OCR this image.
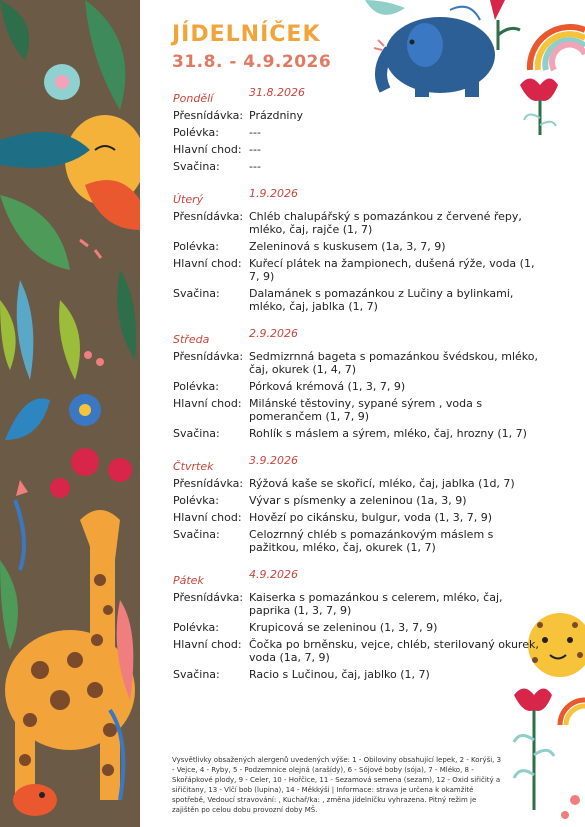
JÍDELNÍČEK
31.8. - 4.9.2026
Pondělí	31.8.2026
Přesnídávka: Prázdniny
Polévka:	---
Hlavní chod: ---
Svačina:	---
Úterý	1.9.2026
Přesnídávka: Chléb chalupářský s pomazánkou z červené řepy, mléko, čaj, rajče (1, 7)
Polévka:	Zeleninová s kuskusem (1a, 3, 7, 9)
Hlavní chod: Kuřecí plátek na žampionech, dušená rýže, voda (1, 7, 9)
Svačina:	Dalamánek s pomazánkou z Lučiny a bylinkami, mléko, čaj, jablka (1, 7)
Středa	2.9.2026
Přesnídávka: Sedmizrnná bageta s pomazánkou švédskou, mléko, čaj, okurek (1, 4, 7)
Polévka:	Pórková krémová (1, 3, 7, 9)
Hlavní chod: Milánské těstoviny, sypané sýrem , voda s pomerančem (1, 7, 9)
Svačina:	Rohlík s máslem a sýrem, mléko, čaj, hrozny (1, 7)
Čtvrtek	3.9.2026
Přesnídávka: Rýžová kaše se skořicí, mléko, čaj, jablka (1d, 7)
Polévka:	Vývar s písmenky a zeleninou (1a, 3, 9)
Hlavní chod: Hovězí po cikánsku, bulgur, voda (1, 3, 7, 9)
Svačina:	Celozrnný chléb s pomazánkovým máslem s pažitkou, mléko, čaj, okurek (1, 7)
Pátek	4.9.2026
Přesnídávka: Kaiserka s pomazánkou s celerem, mléko, čaj, paprika (1, 3, 7, 9)
Polévka:	Krupicová se zeleninou (1, 3, 7, 9)
Hlavní chod: Čočka po brněnsku, vejce, chléb, sterilovaný okurek, voda (1a, 7, 9)
Svačina:	Racio s Lučinou, čaj, jablko (1, 7)
Vysvětlivky obsažených alergenů uvedených výše: 1 - Obiloviny obsahující lepek, 2 - Korýši, 3 - Vejce, 4 - Ryby, 5 - Podzemnice olejná (arašídy), 6 - Sójové boby (sója), 7 - Mléko, 8 - Skořápkové plody, 9 - Celer, 10 - Hořčice, 11 - Sezamová semena (sezam), 12 - Oxid siřičitý a siřičitany, 13 - Vlčí bob (lupina), 14 - Měkkýši | Informace: strava je určena k okamžité spotřebě, Vedoucí stravování: , Kuchař/ka: , změna jídelníčku vyhrazena. Pitný režim je zajištěn po celou dobu provozní doby MŠ.
